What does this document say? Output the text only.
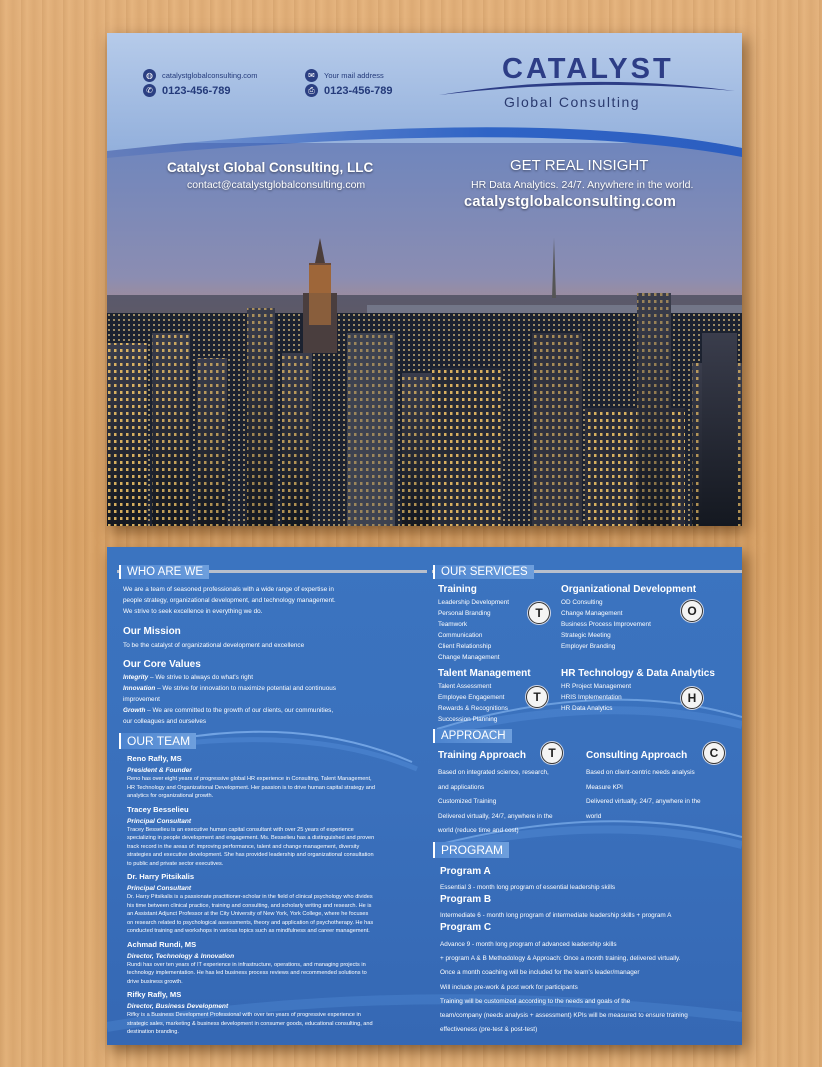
◍	catalystglobalconsulting.com
✆ 0123-456-789
✉	Your mail address
⎙ 0123-456-789
CATALYST
Global Consulting
Catalyst Global Consulting, LLC
contact@catalystglobalconsulting.com
GET REAL INSIGHT
HR Data Analytics. 24/7. Anywhere in the world.
catalystglobalconsulting.com
WHO ARE WE
We are a team of seasoned professionals with a wide range of expertise in
people strategy, organizational development, and technology management.
We strive to seek excellence in everything we do.
Our Mission
To be the catalyst of organizational development and excellence
Our Core Values
Integrity – We strive to always do what's right
Innovation – We strive for innovation to maximize potential and continuous
improvement
Growth – We are committed to the growth of our clients, our communities,
our colleagues and ourselves
OUR TEAM
Reno Rafly, MS
President & Founder
Reno has over eight years of progressive global HR experience in Consulting, Talent Management,
HR Technology and Organizational Development. Her passion is to drive human capital strategy and
analytics for organizational growth.
Tracey Besselieu
Principal Consultant
Tracey Besselieu is an executive human capital consultant with over 25 years of experience
specializing in people development and engagement. Ms. Besselieu has a distinguished and proven
track record in the areas of: improving performance, talent and change management, diversity
strategies and executive development. She has provided leadership and organizational consultation
to public and private sector executives.
Dr. Harry Pitsikalis
Principal Consultant
Dr. Harry Pitsikalis is a passionate practitioner-scholar in the field of clinical psychology who divides
his time between clinical practice, training and consulting, and scholarly writing and research. He is
an Assistant Adjunct Professor at the City University of New York, York College, where he focuses
on research related to psychological assessments, theory and application of psychotherapy. He has
conducted training and workshops in various topics such as mindfulness and career management.
Achmad Rundi, MS
Director, Technology & Innovation
Rundi has over ten years of IT experience in infrastructure, operations, and managing projects in
technology implementation. He has led business process reviews and recommended solutions to
drive business growth.
Rifky Rafly, MS
Director, Business Development
Rifky is a Business Development Professional with over ten years of progressive experience in
strategic sales, marketing & business development in consumer goods, educational consulting, and
destination branding.
OUR SERVICES
Training
Leadership Development
Personal Branding
Teamwork
Communication
Client Relationship
Change Management
T
Organizational Development
OD Consulting
Change Management
Business Process Improvement
Strategic Meeting
Employer Branding
O
Talent Management
Talent Assessment
Employee Engagement
Rewards & Recognitions
Succession Planning
T
HR Technology & Data Analytics
HR Project Management
HRIS Implementation
HR Data Analytics
H
APPROACH
Training Approach	T
Based on integrated science, research,
and applications
Customized Training
Delivered virtually, 24/7, anywhere in the
world (reduce time and cost)
Consulting Approach	C
Based on client-centric needs analysis
Measure KPI
Delivered virtually, 24/7, anywhere in the
world
PROGRAM
Program A
Essential 3 - month long program of essential leadership skills
Program B
Intermediate 6 - month long program of intermediate leadership skills + program A
Program C
Advance 9 - month long program of advanced leadership skills
+ program A & B Methodology & Approach: Once a month training, delivered virtually.
Once a month coaching will be included for the team's leader/manager
Will include pre-work & post work for participants
Training will be customized according to the needs and goals of the
team/company (needs analysis + assessment) KPIs will be measured to ensure training
effectiveness (pre-test & post-test)
